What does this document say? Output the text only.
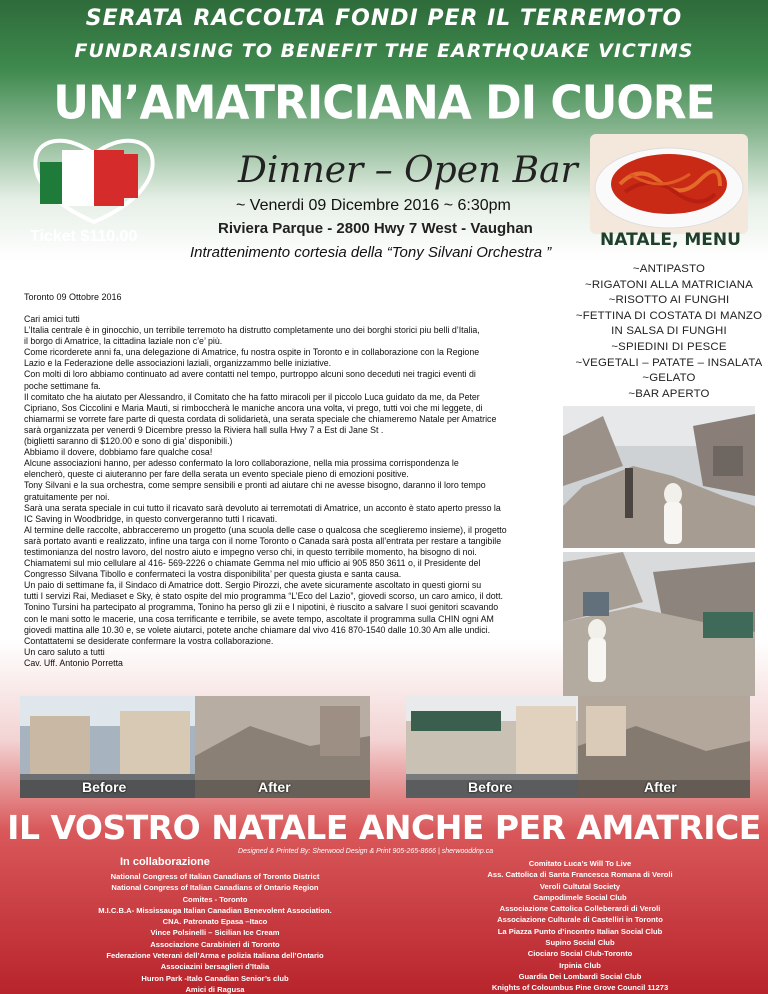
SERATA RACCOLTA FONDI PER IL TERREMOTO
FUNDRAISING TO BENEFIT THE EARTHQUAKE VICTIMS
UN’AMATRICIANA DI CUORE
Ticket $110.00
Dinner – Open Bar
~ Venerdi 09 Dicembre 2016 ~ 6:30pm
Riviera Parque - 2800 Hwy 7 West - Vaughan
Intrattenimento cortesia della “Tony Silvani Orchestra ”
NATALE, MENU
~ANTIPASTO
~RIGATONI ALLA MATRICIANA
~RISOTTO AI FUNGHI
~FETTINA DI COSTATA DI MANZO
IN SALSA DI FUNGHI
~SPIEDINI DI PESCE
~VEGETALI – PATATE – INSALATA
~GELATO
~BAR APERTO
Toronto 09 Ottobre 2016
Cari amici tutti
L’Italia centrale è in ginocchio, un terribile terremoto ha distrutto completamente uno dei borghi storici piu belli d’Italia,
il borgo di Amatrice, la cittadina laziale non c’e’ più.
Come ricorderete anni fa, una delegazione di Amatrice, fu nostra ospite in Toronto e in collaborazione con la Regione
Lazio e la Federazione delle associazioni laziali, organizzammo belle iniziative.
Con molti di loro abbiamo continuato ad avere contatti nel tempo, purtroppo alcuni sono deceduti nei tragici eventi di
poche settimane fa.
Il comitato che ha aiutato per Alessandro, il Comitato che ha fatto miracoli per il piccolo Luca guidato da me, da Peter
Cipriano, Sos Ciccolini e Maria Mauti, si rimboccherà le maniche ancora una volta, vi prego, tutti voi che mi leggete, di
chiamarmi se vorrete fare parte di questa cordata di solidarietà, una serata speciale che chiameremo Natale per Amatrice
sarà organizzata per venerdi 9 Dicembre presso la Riviera hall sulla Hwy 7 a Est di Jane St .
(biglietti saranno di $120.00 e sono di gia’ disponibili.)
Abbiamo il dovere, dobbiamo fare qualche cosa!
Alcune associazioni hanno, per adesso confermato la loro collaborazione, nella mia prossima corrispondenza le
elencherò, queste ci aiuteranno per fare della serata un evento speciale pieno di emozioni positive.
Tony Silvani e la sua orchestra, come sempre sensibili e pronti ad aiutare chi ne avesse bisogno, daranno il loro tempo
gratuitamente per noi.
Sarà una serata speciale in cui tutto il ricavato sarà devoluto ai terremotati di Amatrice, un acconto è stato aperto presso la
IC Saving in Woodbridge, in questo convergeranno tutti I ricavati.
Al termine delle raccolte, abbracceremo un progetto (una scuola delle case o qualcosa che sceglieremo insieme), il progetto
sarà portato avanti e realizzato, infine una targa con il nome Toronto o Canada sarà posta all’entrata per restare a tangibile
testimonianza del nostro lavoro, del nostro aiuto e impegno verso chi, in questo terribile momento, ha bisogno di noi.
Chiamatemi sul mio cellulare al 416- 569-2226 o chiamate Gemma nel mio ufficio ai 905 850 3611 o, il Presidente del
Congresso Silvana Tibollo e confermateci la vostra disponibilita’ per questa giusta e santa causa.
Un paio di settimane fa, il Sindaco di Amatrice dott. Sergio Pirozzi, che avete sicuramente ascoltato in questi giorni su
tutti I servizi Rai, Mediaset e Sky, è stato ospite del mio programma “L’Eco del Lazio”, giovedi scorso, un caro amico, il dott.
Tonino Tursini ha partecipato al programma, Tonino ha perso gli zii e I nipotini, è riuscito a salvare I suoi genitori scavando
con le mani sotto le macerie, una cosa terrificante e terribile, se avete tempo, ascoltate il programma sulla CHIN ogni AM
giovedi mattina alle 10.30 e, se volete aiutarci, potete anche chiamare dal vivo 416 870-1540 dalle 10.30 Am alle undici.
Contattatemi se desiderate confermare la vostra collaborazione.
Un caro saluto a tutti
Cav. Uff. Antonio Porretta
Before	After	Before	After
IL VOSTRO NATALE ANCHE PER AMATRICE
Designed & Printed By: Sherwood Design & Print 905-265-8666 | sherwooddnp.ca
In collaborazione
National Congress of Italian Canadians of Toronto District
National Congress of Italian Canadians of Ontario Region
Comites - Toronto
M.I.C.B.A- Mississauga Italian Canadian Benevolent Association.
CNA. Patronato Epasa –Itaco
Vince Polsinelli – Sicilian Ice Cream
Associazione Carabinieri di Toronto
Federazione Veterani dell’Arma e polizia Italiana dell’Ontario
Associazini bersaglieri d’Italia
Huron Park -Italo Canadian Senior’s club
Amici di Ragusa
Comitato Luca’s Will To Live
Ass. Cattolica di Santa Francesca Romana di Veroli
Veroli Cultutal Society
Campodimele Social Club
Associazione Cattolica Colleberardi di Veroli
Associazione Culturale di Castelliri in Toronto
La Piazza Punto d’incontro Italian Social Club
Supino Social Club
Ciociaro Social Club-Toronto
Irpinia Club
Guardia Dei Lombardi Social Club
Knights of Coloumbus Pine Grove Council 11273
